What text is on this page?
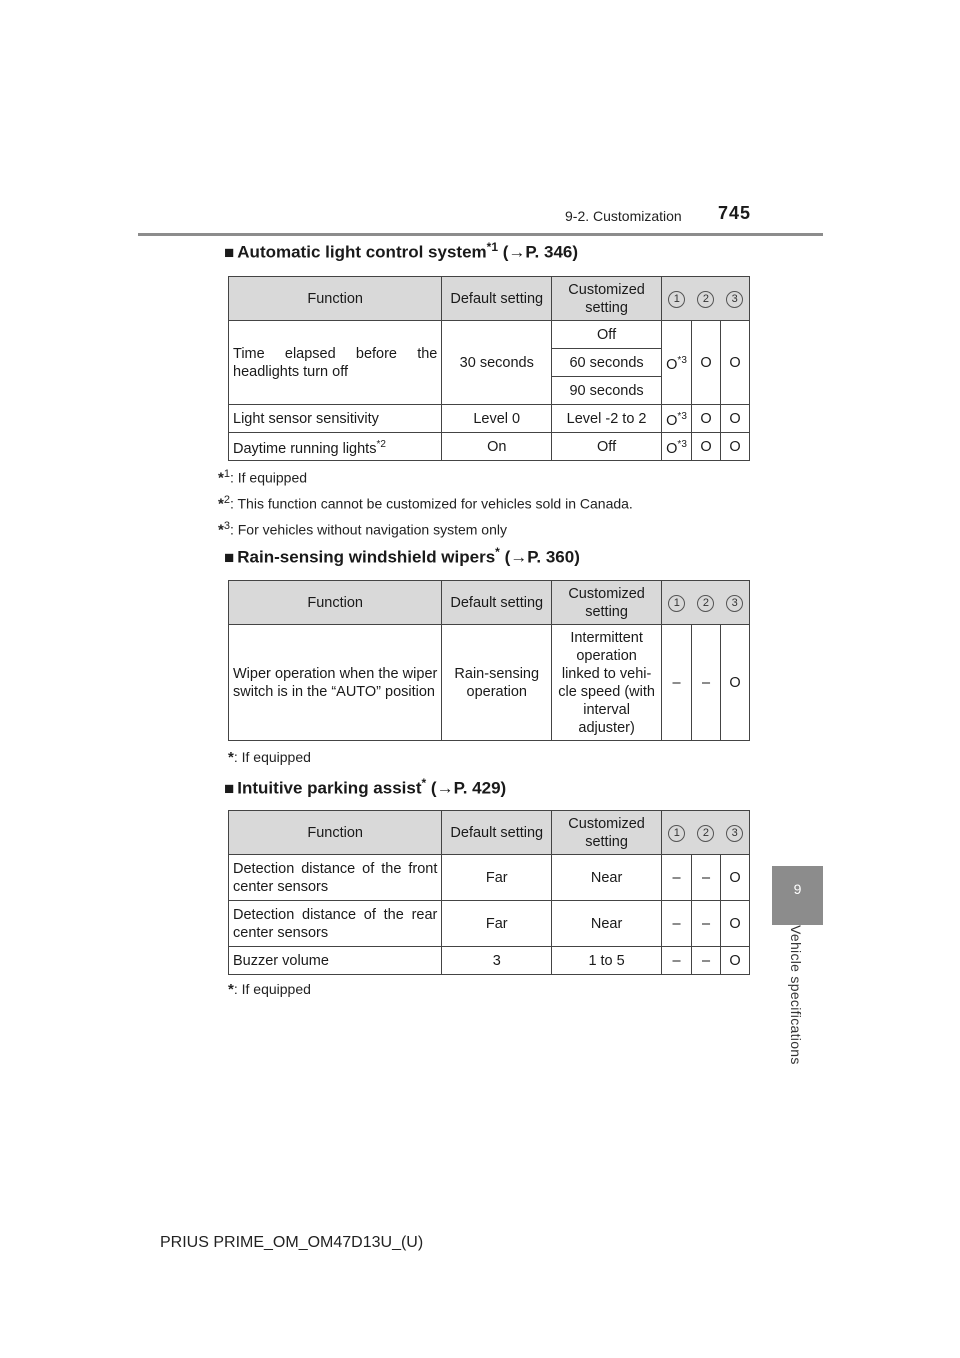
9-2. Customization 745
9
Vehicle specifications
■ Automatic light control system$^{*1}$ (→P. 346)
Function	Default setting	Customized setting	1	2	3
Time elapsed before the headlights turn off	30 seconds	Off	$O^{*3}$	O	O
		60 seconds			
		90 seconds			
Light sensor sensitivity	Level 0	Level -2 to 2	$O^{*3}$	O	O
Daytime running lights$^{*2}$	On	Off	$O^{*3}$	O	O
*$^1$: If equipped
*$^2$: This function cannot be customized for vehicles sold in Canada.
*$^3$: For vehicles without navigation system only
■ Rain-sensing windshield wipers* (→P. 360)
Function	Default setting	Customized setting	1	2	3
Wiper operation when the wiper switch is in the “AUTO” position	Rain-sensing operation	Intermittent operation linked to vehi- cle speed (with interval adjuster)	–	–	O
*: If equipped
■ Intuitive parking assist* (→P. 429)
Function	Default setting	Customized setting	1	2	3
Detection distance of the front center sensors	Far	Near	–	–	O
Detection distance of the rear center sensors	Far	Near	–	–	O
Buzzer volume	3	1 to 5	–	–	O
*: If equipped
PRIUS PRIME_OM_OM47D13U_(U)
